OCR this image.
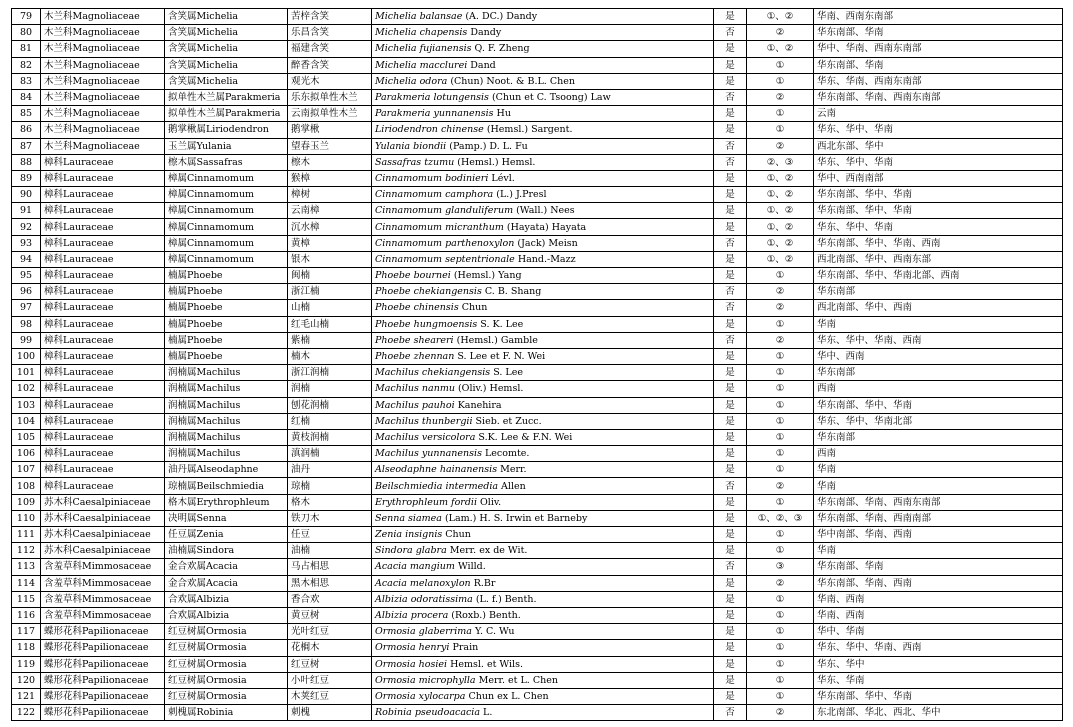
79	木兰科Magnoliaceae	含笑属Michelia	苦梓含笑	Michelia balansae (A. DC.) Dandy	是	①、②	华南、西南东南部
80	木兰科Magnoliaceae	含笑属Michelia	乐昌含笑	Michelia chapensis Dandy	否	②	华东南部、华南
81	木兰科Magnoliaceae	含笑属Michelia	福建含笑	Michelia fujianensis Q. F. Zheng	是	①、②	华中、华南、西南东南部
82	木兰科Magnoliaceae	含笑属Michelia	醉香含笑	Michelia macclurei Dand	是	①	华东南部、华南
83	木兰科Magnoliaceae	含笑属Michelia	观光木	Michelia odora (Chun) Noot. & B.L. Chen	是	①	华东、华南、西南东南部
84	木兰科Magnoliaceae	拟单性木兰属Parakmeria	乐东拟单性木兰	Parakmeria lotungensis (Chun et C. Tsoong) Law	否	②	华东南部、华南、西南东南部
85	木兰科Magnoliaceae	拟单性木兰属Parakmeria	云南拟单性木兰	Parakmeria yunnanensis Hu	是	①	云南
86	木兰科Magnoliaceae	鹅掌楸属Liriodendron	鹅掌楸	Liriodendron chinense (Hemsl.) Sargent.	是	①	华东、华中、华南
87	木兰科Magnoliaceae	玉兰属Yulania	望春玉兰	Yulania biondii (Pamp.) D. L. Fu	否	②	西北东部、华中
88	樟科Lauraceae	檫木属Sassafras	檫木	Sassafras tzumu (Hemsl.) Hemsl.	否	②、③	华东、华中、华南
89	樟科Lauraceae	樟属Cinnamomum	猴樟	Cinnamomum bodinieri Lévl.	是	①、②	华中、西南南部
90	樟科Lauraceae	樟属Cinnamomum	樟树	Cinnamomum camphora (L.) J.Presl	是	①、②	华东南部、华中、华南
91	樟科Lauraceae	樟属Cinnamomum	云南樟	Cinnamomum glanduliferum (Wall.) Nees	是	①、②	华东南部、华中、华南
92	樟科Lauraceae	樟属Cinnamomum	沉水樟	Cinnamomum micranthum (Hayata) Hayata	是	①、②	华东、华中、华南
93	樟科Lauraceae	樟属Cinnamomum	黄樟	Cinnamomum parthenoxylon (Jack) Meisn	否	①、②	华东南部、华中、华南、西南
94	樟科Lauraceae	樟属Cinnamomum	银木	Cinnamomum septentrionale Hand.-Mazz	是	①、②	西北南部、华中、西南东部
95	樟科Lauraceae	楠属Phoebe	闽楠	Phoebe bournei (Hemsl.) Yang	是	①	华东南部、华中、华南北部、西南
96	樟科Lauraceae	楠属Phoebe	浙江楠	Phoebe chekiangensis C. B. Shang	否	②	华东南部
97	樟科Lauraceae	楠属Phoebe	山楠	Phoebe chinensis Chun	否	②	西北南部、华中、西南
98	樟科Lauraceae	楠属Phoebe	红毛山楠	Phoebe hungmoensis S. K. Lee	是	①	华南
99	樟科Lauraceae	楠属Phoebe	紫楠	Phoebe sheareri (Hemsl.) Gamble	否	②	华东、华中、华南、西南
100	樟科Lauraceae	楠属Phoebe	楠木	Phoebe zhennan S. Lee et F. N. Wei	是	①	华中、西南
101	樟科Lauraceae	润楠属Machilus	浙江润楠	Machilus chekiangensis S. Lee	是	①	华东南部
102	樟科Lauraceae	润楠属Machilus	润楠	Machilus nanmu (Oliv.) Hemsl.	是	①	西南
103	樟科Lauraceae	润楠属Machilus	刨花润楠	Machilus pauhoi Kanehira	是	①	华东南部、华中、华南
104	樟科Lauraceae	润楠属Machilus	红楠	Machilus thunbergii Sieb. et Zucc.	是	①	华东、华中、华南北部
105	樟科Lauraceae	润楠属Machilus	黄枝润楠	Machilus versicolora S.K. Lee & F.N. Wei	是	①	华东南部
106	樟科Lauraceae	润楠属Machilus	滇润楠	Machilus yunnanensis Lecomte.	是	①	西南
107	樟科Lauraceae	油丹属Alseodaphne	油丹	Alseodaphne hainanensis Merr.	是	①	华南
108	樟科Lauraceae	琼楠属Beilschmiedia	琼楠	Beilschmiedia intermedia Allen	否	②	华南
109	苏木科Caesalpiniaceae	格木属Erythrophleum	格木	Erythrophleum fordii Oliv.	是	①	华东南部、华南、西南东南部
110	苏木科Caesalpiniaceae	决明属Senna	铁刀木	Senna siamea (Lam.) H. S. Irwin et Barneby	是	①、②、③	华东南部、华南、西南南部
111	苏木科Caesalpiniaceae	任豆属Zenia	任豆	Zenia insignis Chun	是	①	华中南部、华南、西南
112	苏木科Caesalpiniaceae	油楠属Sindora	油楠	Sindora glabra Merr. ex de Wit.	是	①	华南
113	含羞草科Mimmosaceae	金合欢属Acacia	马占相思	Acacia mangium Willd.	否	③	华东南部、华南
114	含羞草科Mimmosaceae	金合欢属Acacia	黑木相思	Acacia melanoxylon R.Br	是	②	华东南部、华南、西南
115	含羞草科Mimmosaceae	合欢属Albizia	香合欢	Albizia odoratissima (L. f.) Benth.	是	①	华南、西南
116	含羞草科Mimmosaceae	合欢属Albizia	黄豆树	Albizia procera (Roxb.) Benth.	是	①	华南、西南
117	蝶形花科Papilionaceae	红豆树属Ormosia	光叶红豆	Ormosia glaberrima Y. C. Wu	是	①	华中、华南
118	蝶形花科Papilionaceae	红豆树属Ormosia	花榈木	Ormosia henryi Prain	是	①	华东、华中、华南、西南
119	蝶形花科Papilionaceae	红豆树属Ormosia	红豆树	Ormosia hosiei Hemsl. et Wils.	是	①	华东、华中
120	蝶形花科Papilionaceae	红豆树属Ormosia	小叶红豆	Ormosia microphylla Merr. et L. Chen	是	①	华东、华南
121	蝶形花科Papilionaceae	红豆树属Ormosia	木荚红豆	Ormosia xylocarpa Chun ex L. Chen	是	①	华东南部、华中、华南
122	蝶形花科Papilionaceae	刺槐属Robinia	刺槐	Robinia pseudoacacia L.	否	②	东北南部、华北、西北、华中
